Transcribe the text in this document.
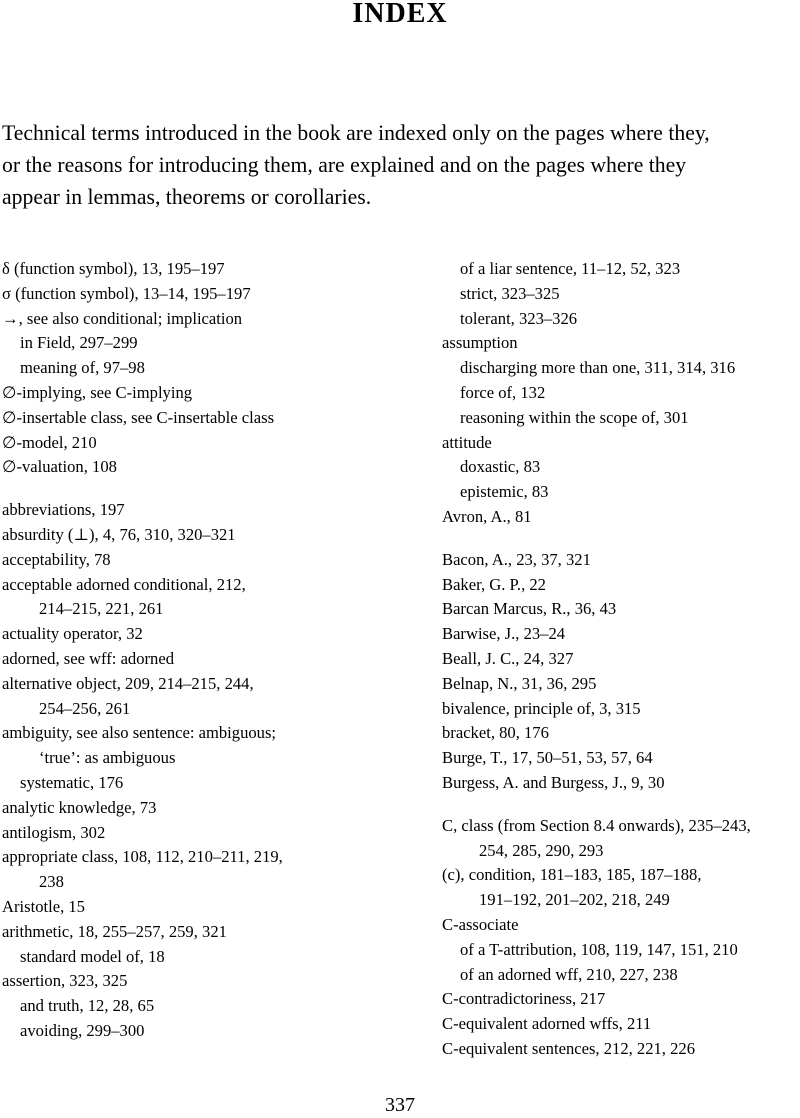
INDEX
Technical terms introduced in the book are indexed only on the pages where they,
or the reasons for introducing them, are explained and on the pages where they
appear in lemmas, theorems or corollaries.
δ (function symbol), 13, 195–197
σ (function symbol), 13–14, 195–197
→, see also conditional; implication
in Field, 297–299
meaning of, 97–98
∅-implying, see C-implying
∅-insertable class, see C-insertable class
∅-model, 210
∅-valuation, 108
abbreviations, 197
absurdity (⊥), 4, 76, 310, 320–321
acceptability, 78
acceptable adorned conditional, 212,
214–215, 221, 261
actuality operator, 32
adorned, see wff: adorned
alternative object, 209, 214–215, 244,
254–256, 261
ambiguity, see also sentence: ambiguous;
‘true’: as ambiguous
systematic, 176
analytic knowledge, 73
antilogism, 302
appropriate class, 108, 112, 210–211, 219,
238
Aristotle, 15
arithmetic, 18, 255–257, 259, 321
standard model of, 18
assertion, 323, 325
and truth, 12, 28, 65
avoiding, 299–300
of a liar sentence, 11–12, 52, 323
strict, 323–325
tolerant, 323–326
assumption
discharging more than one, 311, 314, 316
force of, 132
reasoning within the scope of, 301
attitude
doxastic, 83
epistemic, 83
Avron, A., 81
Bacon, A., 23, 37, 321
Baker, G. P., 22
Barcan Marcus, R., 36, 43
Barwise, J., 23–24
Beall, J. C., 24, 327
Belnap, N., 31, 36, 295
bivalence, principle of, 3, 315
bracket, 80, 176
Burge, T., 17, 50–51, 53, 57, 64
Burgess, A. and Burgess, J., 9, 30
C, class (from Section 8.4 onwards), 235–243,
254, 285, 290, 293
(c), condition, 181–183, 185, 187–188,
191–192, 201–202, 218, 249
C-associate
of a T-attribution, 108, 119, 147, 151, 210
of an adorned wff, 210, 227, 238
C-contradictoriness, 217
C-equivalent adorned wffs, 211
C-equivalent sentences, 212, 221, 226
337
